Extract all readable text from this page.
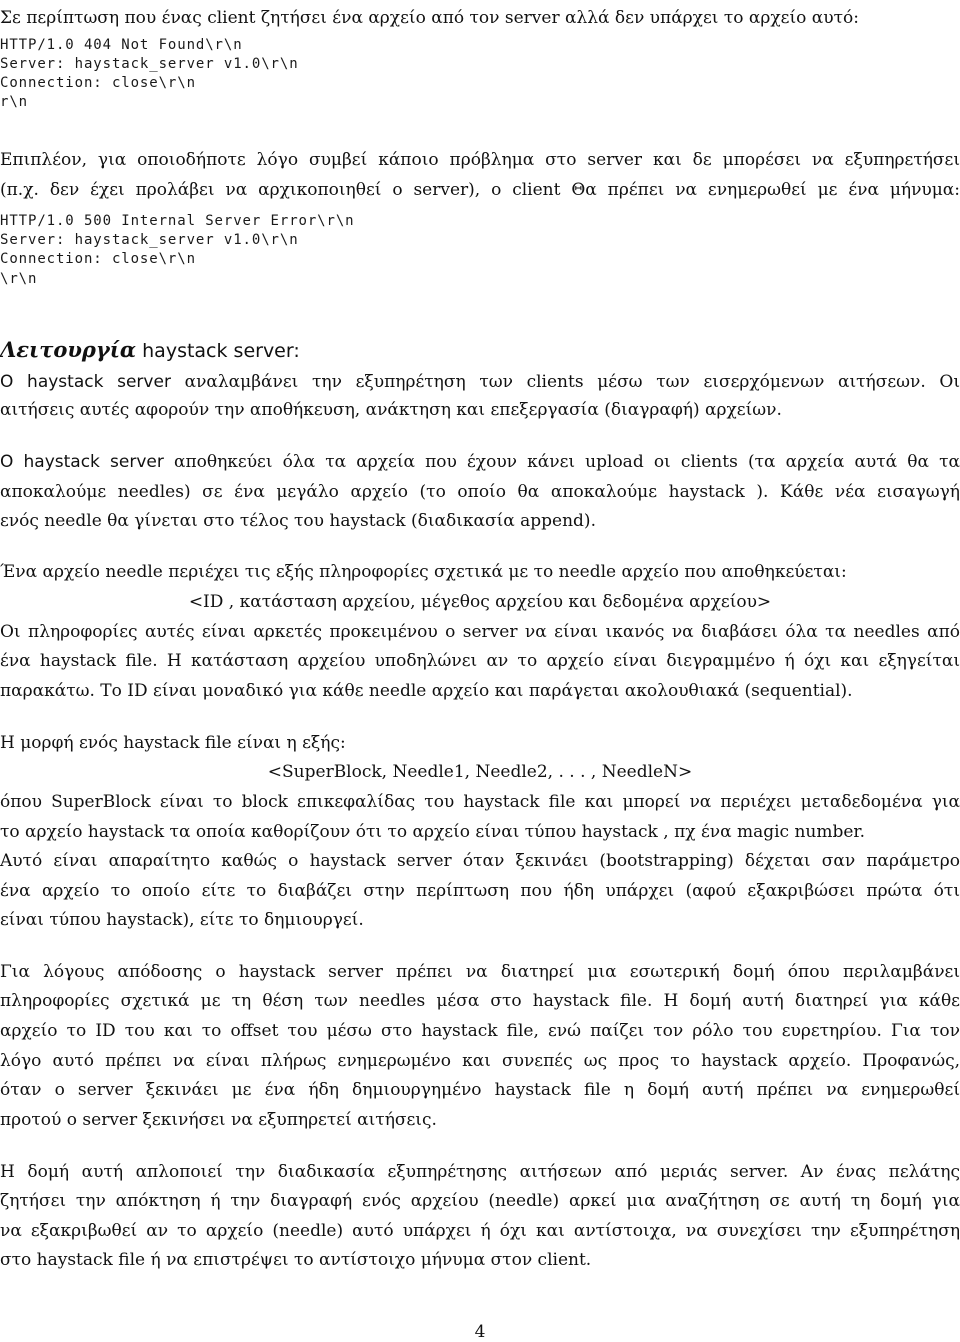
Σε περίπτωση που ένας client ζητήσει ένα αρχείο από τον server αλλά δεν υπάρχει το αρχείο αυτό:
HTTP/1.0 404 Not Found\r\n
Server: haystack_server v1.0\r\n
Connection: close\r\n
r\n
Επιπλέον, για οποιοδήποτε λόγο συμβεί κάποιο πρόβλημα στο server και δε μπορέσει να εξυπηρετήσει
(π.χ. δεν έχει προλάβει να αρχικοποιηθεί ο server), ο client Θα πρέπει να ενημερωθεί με ένα μήνυμα:
HTTP/1.0 500 Internal Server Error\r\n
Server: haystack_server v1.0\r\n
Connection: close\r\n
\r\n
Λειτουργία haystack server:
Ο haystack server αναλαμβάνει την εξυπηρέτηση των clients μέσω των εισερχόμενων αιτήσεων. Οι
αιτήσεις αυτές αφορούν την αποθήκευση, ανάκτηση και επεξεργασία (διαγραφή) αρχείων.
Ο haystack server αποθηκεύει όλα τα αρχεία που έχουν κάνει upload οι clients (τα αρχεία αυτά θα τα
αποκαλούμε needles) σε ένα μεγάλο αρχείο (το οποίο θα αποκαλούμε haystack ). Κάθε νέα εισαγωγή
ενός needle θα γίνεται στο τέλος του haystack (διαδικασία append).
Ένα αρχείο needle περιέχει τις εξής πληροφορίες σχετικά με το needle αρχείο που αποθηκεύεται:
<ID , κατάσταση αρχείου, μέγεθος αρχείου και δεδομένα αρχείου>
Οι πληροφορίες αυτές είναι αρκετές προκειμένου ο server να είναι ικανός να διαβάσει όλα τα needles από
ένα haystack file. Η κατάσταση αρχείου υποδηλώνει αν το αρχείο είναι διεγραμμένο ή όχι και εξηγείται
παρακάτω. Το ID είναι μοναδικό για κάθε needle αρχείο και παράγεται ακολουθιακά (sequential).
Η μορφή ενός haystack file είναι η εξής:
<SuperBlock, Needle1, Needle2, . . . , NeedleN>
όπου SuperBlock είναι το block επικεφαλίδας του haystack file και μπορεί να περιέχει μεταδεδομένα για
το αρχείο haystack τα οποία καθορίζουν ότι το αρχείο είναι τύπου haystack , πχ ένα magic number.
Αυτό είναι απαραίτητο καθώς ο haystack server όταν ξεκινάει (bootstrapping) δέχεται σαν παράμετρο
ένα αρχείο το οποίο είτε το διαβάζει στην περίπτωση που ήδη υπάρχει (αφού εξακριβώσει πρώτα ότι
είναι τύπου haystack), είτε το δημιουργεί.
Για λόγους απόδοσης ο haystack server πρέπει να διατηρεί μια εσωτερική δομή όπου περιλαμβάνει
πληροφορίες σχετικά με τη θέση των needles μέσα στο haystack file. Η δομή αυτή διατηρεί για κάθε
αρχείο το ID του και το offset του μέσω στο haystack file, ενώ παίζει τον ρόλο του ευρετηρίου. Για τον
λόγο αυτό πρέπει να είναι πλήρως ενημερωμένο και συνεπές ως προς το haystack αρχείο. Προφανώς,
όταν ο server ξεκινάει με ένα ήδη δημιουργημένο haystack file η δομή αυτή πρέπει να ενημερωθεί
προτού ο server ξεκινήσει να εξυπηρετεί αιτήσεις.
Η δομή αυτή απλοποιεί την διαδικασία εξυπηρέτησης αιτήσεων από μεριάς server. Αν ένας πελάτης
ζητήσει την απόκτηση ή την διαγραφή ενός αρχείου (needle) αρκεί μια αναζήτηση σε αυτή τη δομή για
να εξακριβωθεί αν το αρχείο (needle) αυτό υπάρχει ή όχι και αντίστοιχα, να συνεχίσει την εξυπηρέτηση
στο haystack file ή να επιστρέψει το αντίστοιχο μήνυμα στον client.
4
